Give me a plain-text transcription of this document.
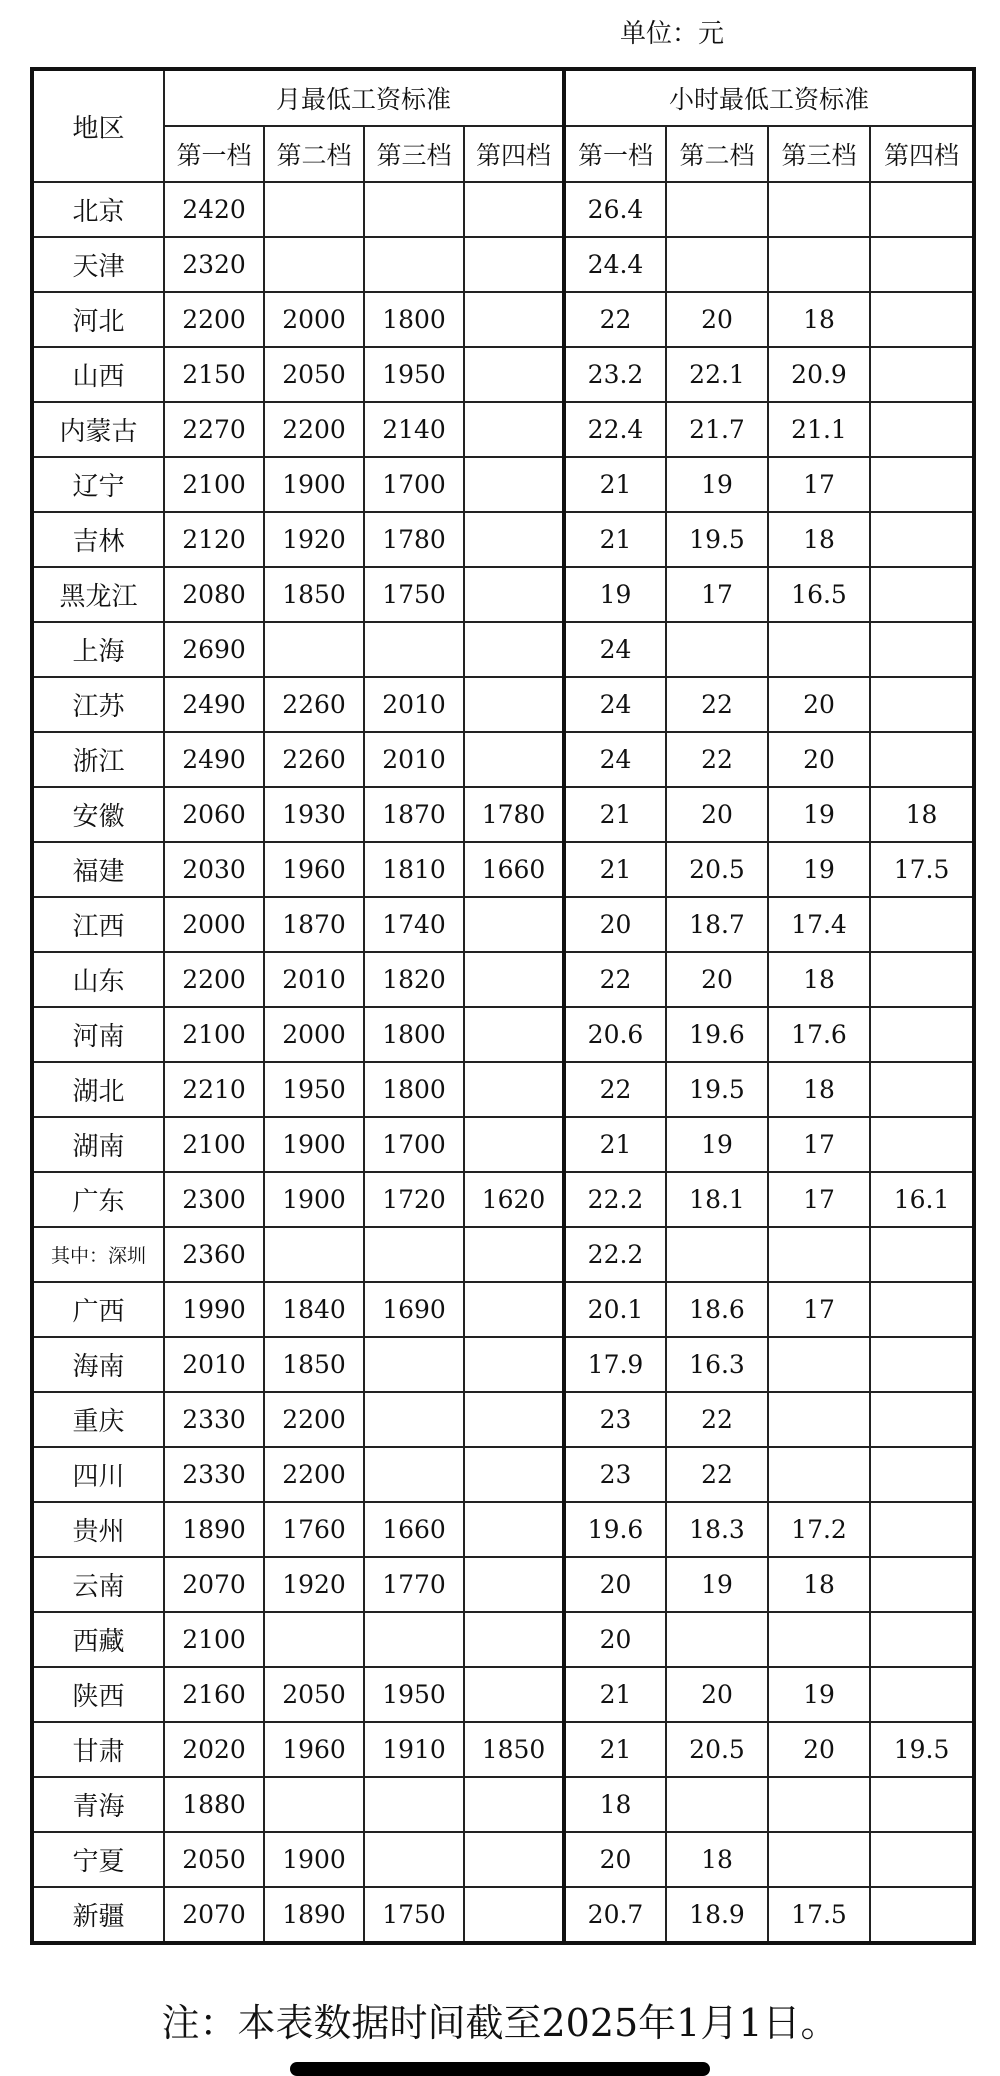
单位：元
地区	月最低工资标准				小时最低工资标准			
	第一档	第二档	第三档	第四档	第一档	第二档	第三档	第四档
北京	2420				26.4			
天津	2320				24.4			
河北	2200	2000	1800		22	20	18	
山西	2150	2050	1950		23.2	22.1	20.9	
内蒙古	2270	2200	2140		22.4	21.7	21.1	
辽宁	2100	1900	1700		21	19	17	
吉林	2120	1920	1780		21	19.5	18	
黑龙江	2080	1850	1750		19	17	16.5	
上海	2690				24			
江苏	2490	2260	2010		24	22	20	
浙江	2490	2260	2010		24	22	20	
安徽	2060	1930	1870	1780	21	20	19	18
福建	2030	1960	1810	1660	21	20.5	19	17.5
江西	2000	1870	1740		20	18.7	17.4	
山东	2200	2010	1820		22	20	18	
河南	2100	2000	1800		20.6	19.6	17.6	
湖北	2210	1950	1800		22	19.5	18	
湖南	2100	1900	1700		21	19	17	
广东	2300	1900	1720	1620	22.2	18.1	17	16.1
其中：深圳	2360				22.2			
广西	1990	1840	1690		20.1	18.6	17	
海南	2010	1850			17.9	16.3		
重庆	2330	2200			23	22		
四川	2330	2200			23	22		
贵州	1890	1760	1660		19.6	18.3	17.2	
云南	2070	1920	1770		20	19	18	
西藏	2100				20			
陕西	2160	2050	1950		21	20	19	
甘肃	2020	1960	1910	1850	21	20.5	20	19.5
青海	1880				18			
宁夏	2050	1900			20	18		
新疆	2070	1890	1750		20.7	18.9	17.5	
注：本表数据时间截至2025年1月1日。
